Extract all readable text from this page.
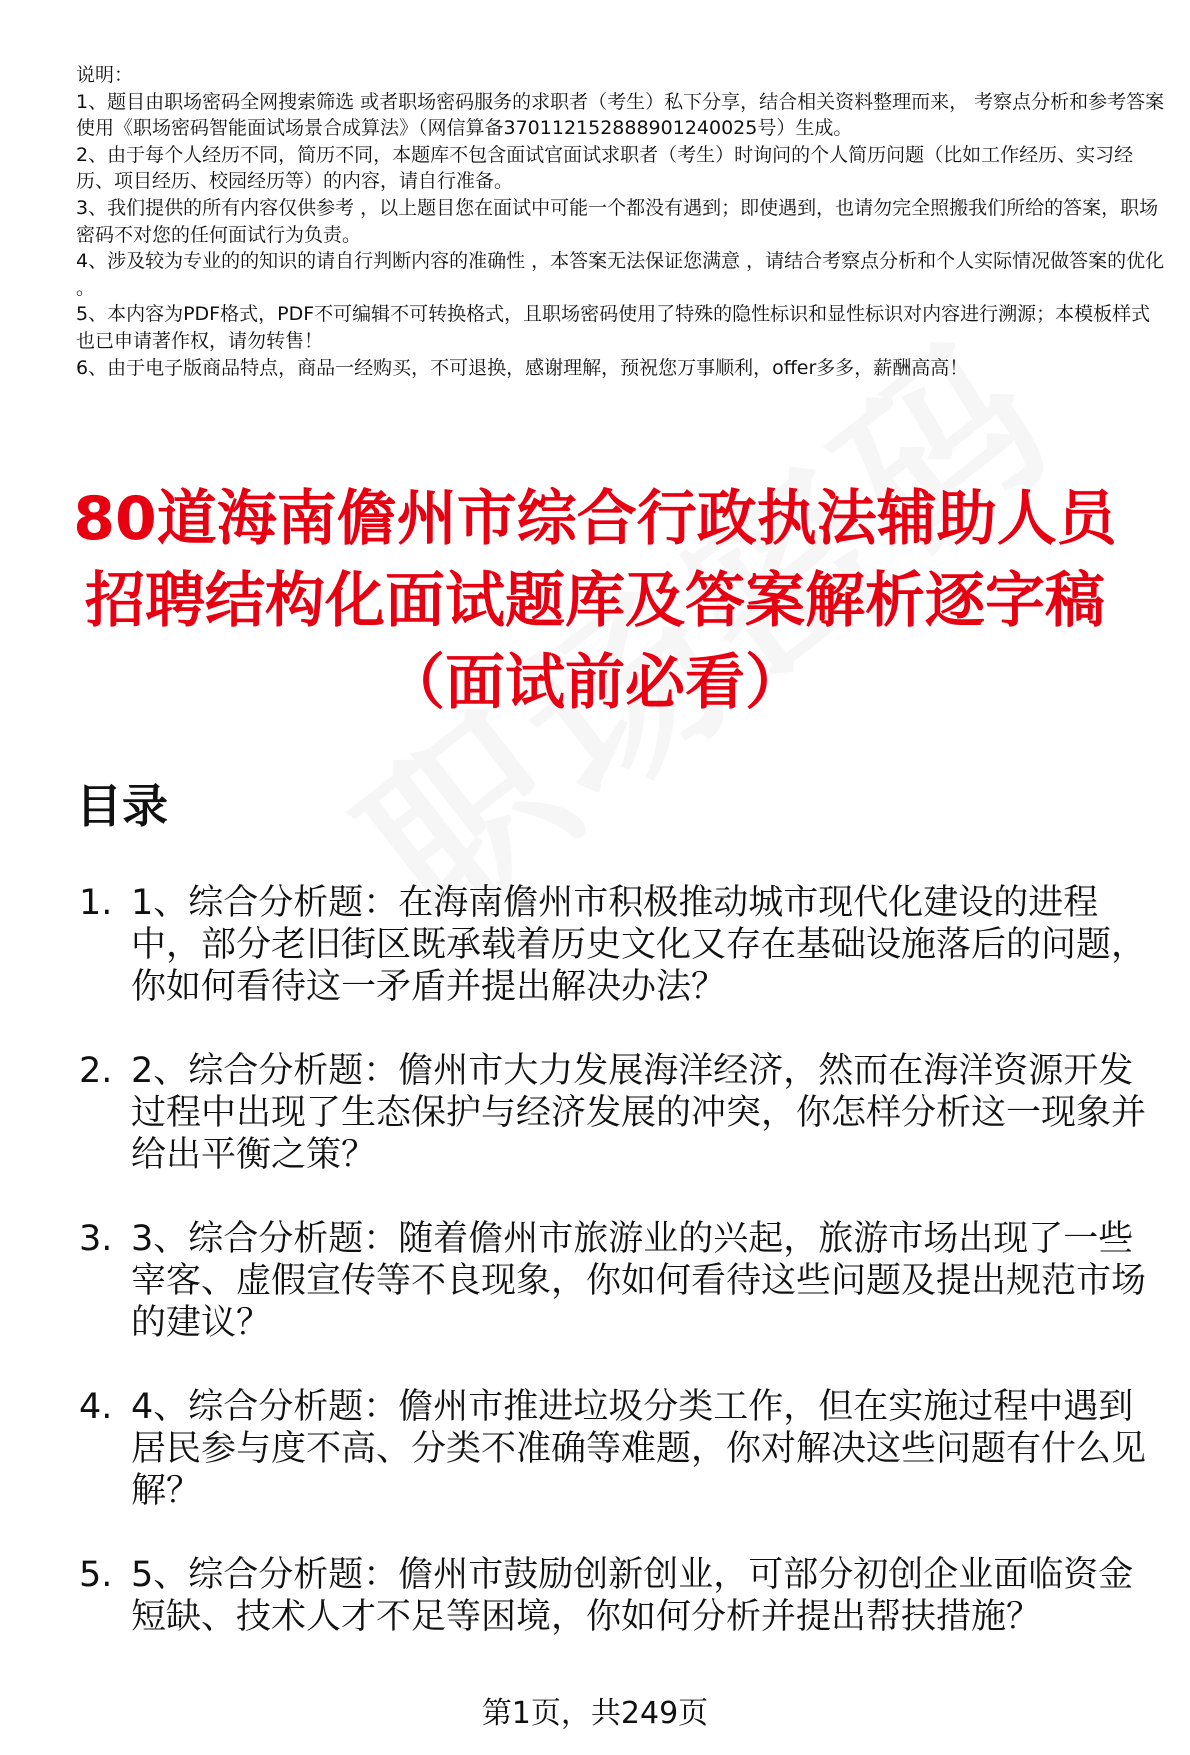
说明：
1、题目由职场密码全网搜索筛选 或者职场密码服务的求职者（考生）私下分享，结合相关资料整理而来， 考察点分析和参考答案使用《职场密码智能面试场景合成算法》（网信算备370112152888901240025号）生成。
2、由于每个人经历不同，简历不同，本题库不包含面试官面试求职者（考生）时询问的个人简历问题（比如工作经历、实习经历、项目经历、校园经历等）的内容，请自行准备。
3、我们提供的所有内容仅供参考 ，以上题目您在面试中可能一个都没有遇到；即使遇到，也请勿完全照搬我们所给的答案，职场密码不对您的任何面试行为负责。
4、涉及较为专业的的知识的请自行判断内容的准确性 ，本答案无法保证您满意 ，请结合考察点分析和个人实际情况做答案的优化 。
5、本内容为PDF格式，PDF不可编辑不可转换格式，且职场密码使用了特殊的隐性标识和显性标识对内容进行溯源；本模板样式也已申请著作权，请勿转售！
6、由于电子版商品特点，商品一经购买，不可退换，感谢理解，预祝您万事顺利，offer多多，薪酬高高！
80道海南儋州市综合行政执法辅助人员招聘结构化面试题库及答案解析逐字稿（面试前必看）
目录
1. 1、综合分析题：在海南儋州市积极推动城市现代化建设的进程中，部分老旧街区既承载着历史文化又存在基础设施落后的问题，你如何看待这一矛盾并提出解决办法？
2. 2、综合分析题：儋州市大力发展海洋经济，然而在海洋资源开发过程中出现了生态保护与经济发展的冲突，你怎样分析这一现象并给出平衡之策？
3. 3、综合分析题：随着儋州市旅游业的兴起，旅游市场出现了一些宰客、虚假宣传等不良现象，你如何看待这些问题及提出规范市场的建议？
4. 4、综合分析题：儋州市推进垃圾分类工作，但在实施过程中遇到居民参与度不高、分类不准确等难题，你对解决这些问题有什么见解？
5. 5、综合分析题：儋州市鼓励创新创业，可部分初创企业面临资金短缺、技术人才不足等困境，你如何分析并提出帮扶措施？
第1页，共249页
